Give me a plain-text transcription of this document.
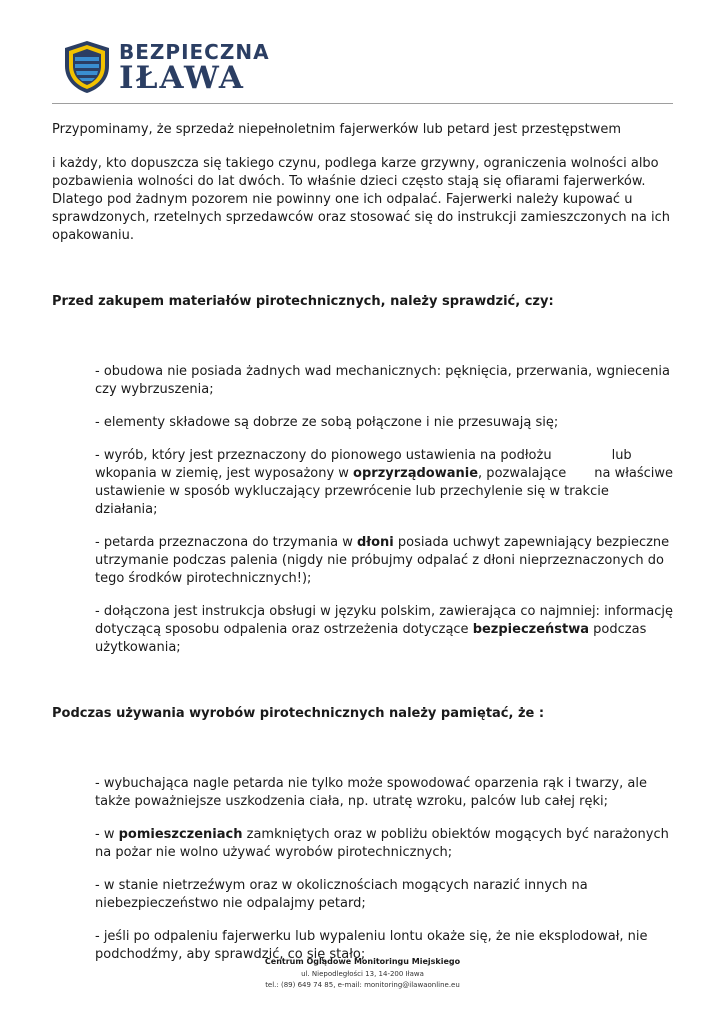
BEZPIECZNA
IŁAWA

Przypominamy, że sprzedaż niepełnoletnim fajerwerków lub petard jest przestępstwem

i każdy, kto dopuszcza się takiego czynu, podlega karze grzywny, ograniczenia wolności albo pozbawienia wolności do lat dwóch. To właśnie dzieci często stają się ofiarami fajerwerków. Dlatego pod żadnym pozorem nie powinny one ich odpalać. Fajerwerki należy kupować u sprawdzonych, rzetelnych sprzedawców oraz stosować się do instrukcji zamieszczonych na ich opakowaniu.

Przed zakupem materiałów pirotechnicznych, należy sprawdzić, czy:

- obudowa nie posiada żadnych wad mechanicznych: pęknięcia, przerwania, wgniecenia czy wybrzuszenia;

- elementy składowe są dobrze ze sobą połączone i nie przesuwają się;

- wyrób, który jest przeznaczony do pionowego ustawienia na podłożu	lub wkopania w ziemię, jest wyposażony w oprzyrządowanie, pozwalające na właściwe ustawienie w sposób wykluczający przewrócenie lub przechylenie się w trakcie działania;

- petarda przeznaczona do trzymania w dłoni posiada uchwyt zapewniający bezpieczne utrzymanie podczas palenia (nigdy nie próbujmy odpalać z dłoni nieprzeznaczonych do tego środków pirotechnicznych!);

- dołączona jest instrukcja obsługi w języku polskim, zawierająca co najmniej: informację dotyczącą sposobu odpalenia oraz ostrzeżenia dotyczące bezpieczeństwa podczas użytkowania;

Podczas używania wyrobów pirotechnicznych należy pamiętać, że :

- wybuchająca nagle petarda nie tylko może spowodować oparzenia rąk i twarzy, ale także poważniejsze uszkodzenia ciała, np. utratę wzroku, palców lub całej ręki;

- w pomieszczeniach zamkniętych oraz w pobliżu obiektów mogących być narażonych na pożar nie wolno używać wyrobów pirotechnicznych;

- w stanie nietrzeźwym oraz w okolicznościach mogących narazić innych na niebezpieczeństwo nie odpalajmy petard;

- jeśli po odpaleniu fajerwerku lub wypaleniu lontu okaże się, że nie eksplodował, nie podchodźmy, aby sprawdzić, co się stało;

Centrum Oglądowe Monitoringu Miejskiego
ul. Niepodległości 13, 14-200 Iława
tel.: (89) 649 74 85, e-mail: monitoring@ilawaonline.eu
